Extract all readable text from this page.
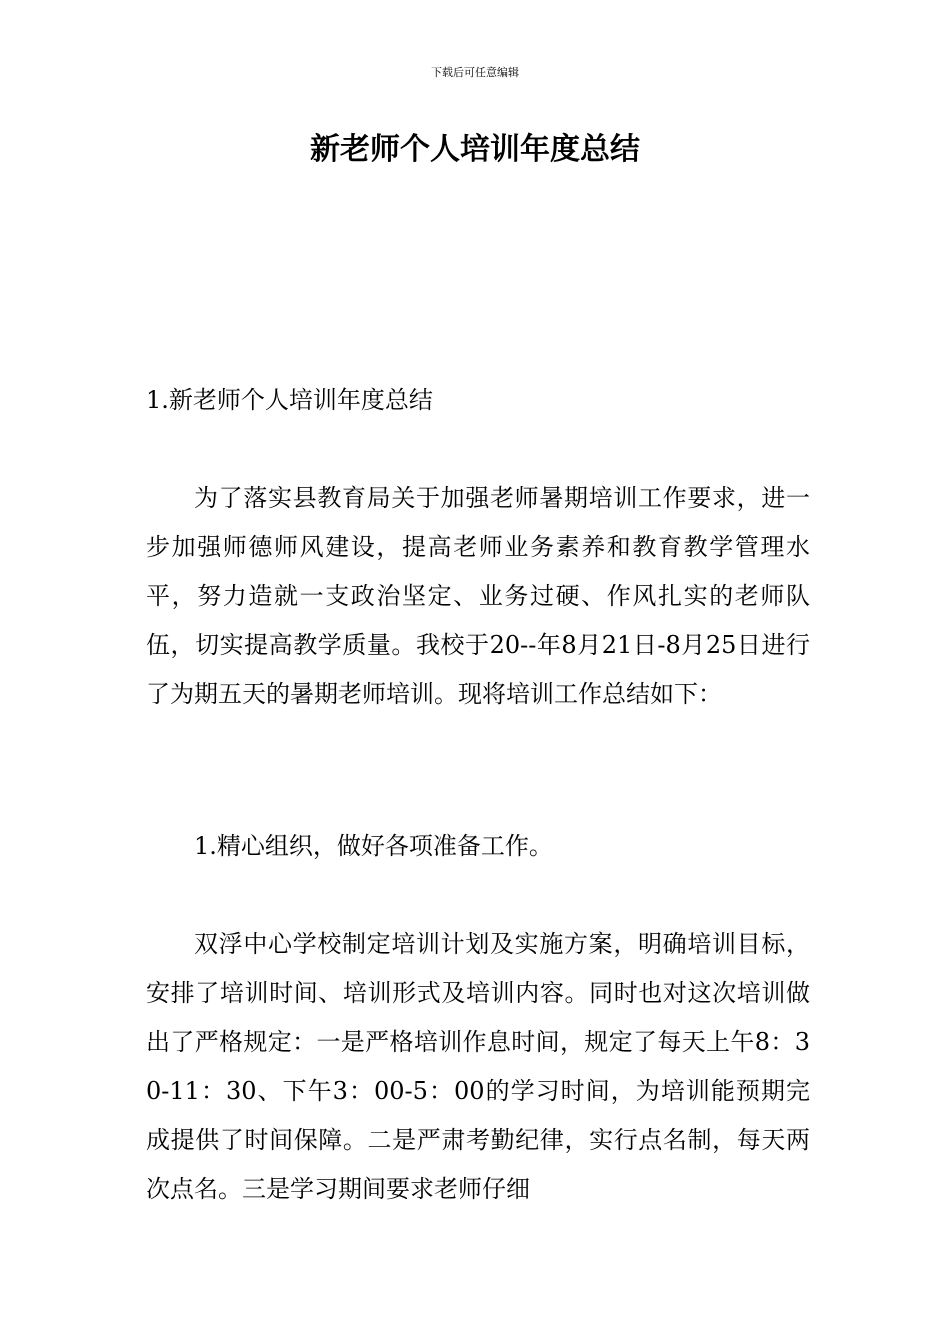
下载后可任意编辑
新老师个人培训年度总结

1.新老师个人培训年度总结

为了落实县教育局关于加强老师暑期培训工作要求，进一步加强师德师风建设，提高老师业务素养和教育教学管理水平，努力造就一支政治坚定、业务过硬、作风扎实的老师队伍，切实提高教学质量。我校于20--年8月21日-8月25日进行了为期五天的暑期老师培训。现将培训工作总结如下：

1.精心组织，做好各项准备工作。

双浮中心学校制定培训计划及实施方案，明确培训目标，安排了培训时间、培训形式及培训内容。同时也对这次培训做出了严格规定：一是严格培训作息时间，规定了每天上午8：30-11：30、下午3：00-5：00的学习时间，为培训能预期完成提供了时间保障。二是严肃考勤纪律，实行点名制，每天两次点名。三是学习期间要求老师仔细
